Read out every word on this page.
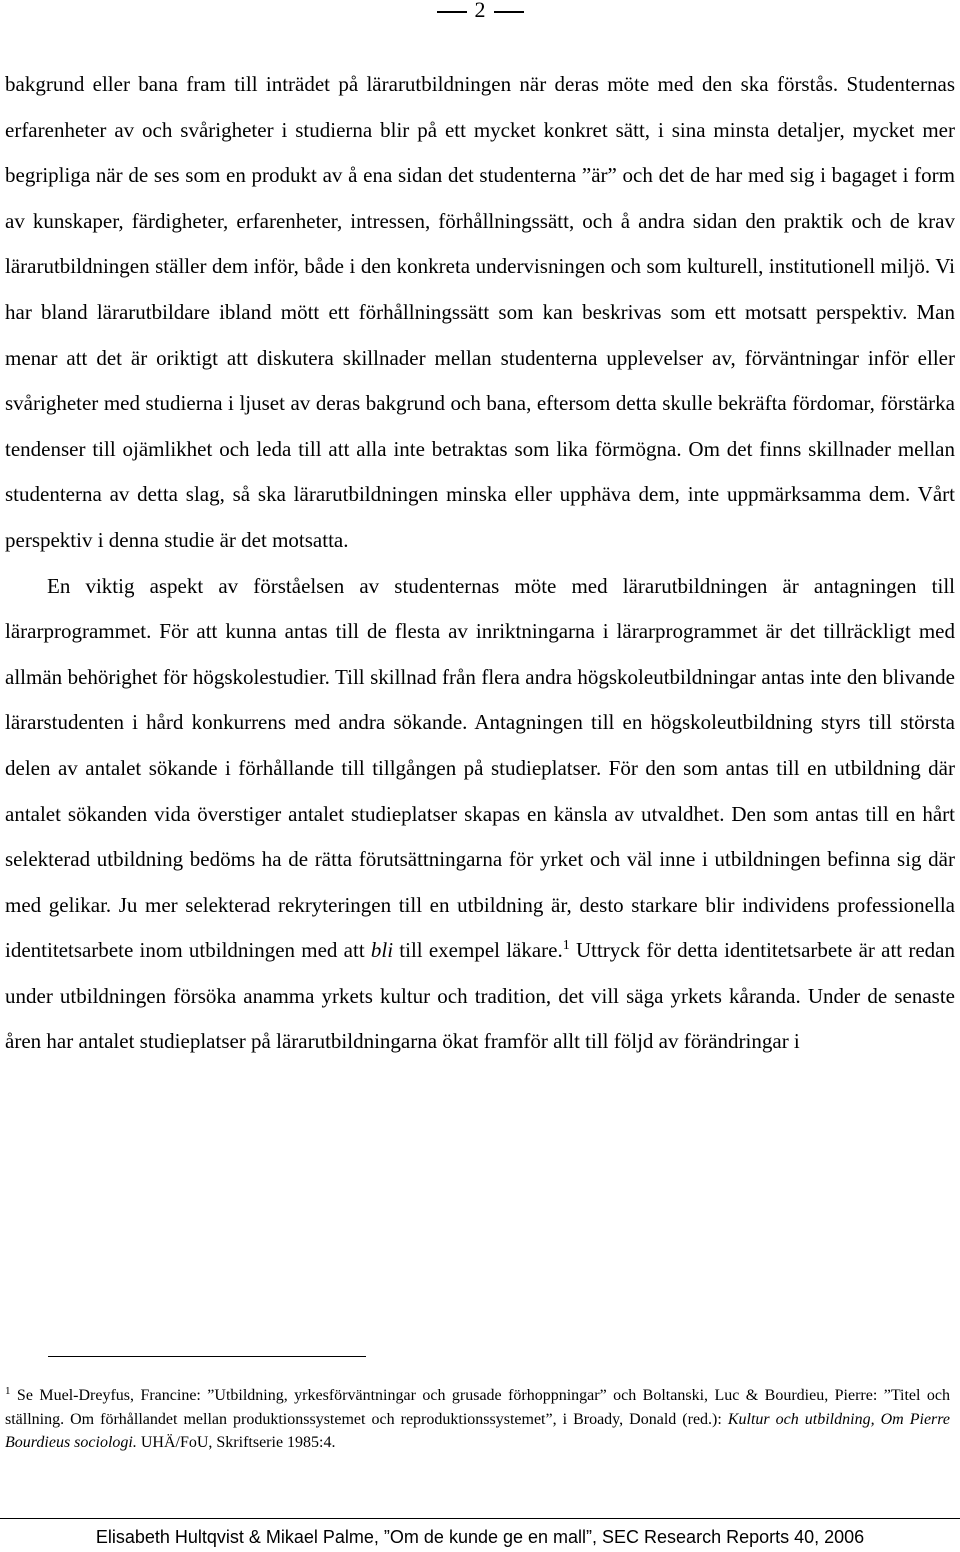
2

bakgrund eller bana fram till inträdet på lärarutbildningen när deras möte med den ska förstås. Studenternas erfarenheter av och svårigheter i studierna blir på ett mycket konkret sätt, i sina minsta detaljer, mycket mer begripliga när de ses som en produkt av å ena sidan det studenterna ”är” och det de har med sig i bagaget i form av kunskaper, färdigheter, erfarenheter, intressen, förhållningssätt, och å andra sidan den praktik och de krav lärarutbildningen ställer dem inför, både i den konkreta undervisningen och som kulturell, institutionell miljö. Vi har bland lärarutbildare ibland mött ett förhållningssätt som kan beskrivas som ett motsatt perspektiv. Man menar att det är oriktigt att diskutera skillnader mellan studenterna upplevelser av, förväntningar inför eller svårigheter med studierna i ljuset av deras bakgrund och bana, eftersom detta skulle bekräfta fördomar, förstärka tendenser till ojämlikhet och leda till att alla inte betraktas som lika förmögna. Om det finns skillnader mellan studenterna av detta slag, så ska lärarutbildningen minska eller upphäva dem, inte uppmärksamma dem. Vårt perspektiv i denna studie är det motsatta.

En viktig aspekt av förståelsen av studenternas möte med lärarutbildningen är antagningen till lärarprogrammet. För att kunna antas till de flesta av inriktningarna i lärarprogrammet är det tillräckligt med allmän behörighet för högskolestudier. Till skillnad från flera andra högskoleutbildningar antas inte den blivande lärarstudenten i hård konkurrens med andra sökande. Antagningen till en högskoleutbildning styrs till största delen av antalet sökande i förhållande till tillgången på studieplatser. För den som antas till en utbildning där antalet sökanden vida överstiger antalet studieplatser skapas en känsla av utvaldhet. Den som antas till en hårt selekterad utbildning bedöms ha de rätta förutsättningarna för yrket och väl inne i utbildningen befinna sig där med gelikar. Ju mer selekterad rekryteringen till en utbildning är, desto starkare blir individens professionella identitetsarbete inom utbildningen med att bli till exempel läkare.$^1$ Uttryck för detta identitetsarbete är att redan under utbildningen försöka anamma yrkets kultur och tradition, det vill säga yrkets kåranda. Under de senaste åren har antalet studieplatser på lärarutbildningarna ökat framför allt till följd av förändringar i

$^1$ Se Muel-Dreyfus, Francine: ”Utbildning, yrkesförväntningar och grusade förhoppningar” och Boltanski, Luc & Bourdieu, Pierre: ”Titel och ställning. Om förhållandet mellan produktionssystemet och reproduktionssystemet”, i Broady, Donald (red.): Kultur och utbildning, Om Pierre Bourdieus sociologi. UHÄ/FoU, Skriftserie 1985:4.
Elisabeth Hultqvist & Mikael Palme, ”Om de kunde ge en mall”, SEC Research Reports 40, 2006
